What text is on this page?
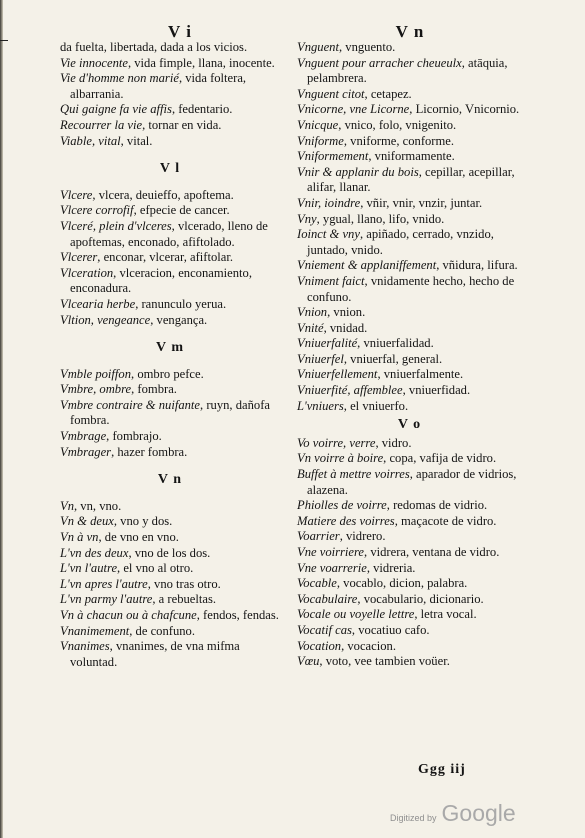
V i	V n

da fuelta, libertada, dada a los vicios.

Vie innocente, vida fimple, llana, inocente.

Vie d'homme non marié, vida foltera, albarrania.

Qui gaigne fa vie affis, fedentario.

Recourrer la vie, tornar en vida.

Viable, vital, vital.

V l

Vlcere, vlcera, deuieffo, apoftema.

Vlcere corrofif, efpecie de cancer.

Vlceré, plein d'vlceres, vlcerado, lleno de apoftemas, enconado, afiftolado.

Vlcerer, enconar, vlcerar, afiftolar.

Vlceration, vlceracion, enconamiento, enconadura.

Vlcearia herbe, ranunculo yerua.

Vltion, vengeance, vengança.

V m

Vmble poiffon, ombro pefce.

Vmbre, ombre, fombra.

Vmbre contraire & nuifante, ruyn, dañofa fombra.

Vmbrage, fombrajo.

Vmbrager, hazer fombra.

V n

Vn, vn, vno.

Vn & deux, vno y dos.

Vn à vn, de vno en vno.

L'vn des deux, vno de los dos.

L'vn l'autre, el vno al otro.

L'vn apres l'autre, vno tras otro.

L'vn parmy l'autre, a rebueltas.

Vn à chacun ou à chafcune, fendos, fendas.

Vnanimement, de confuno.

Vnanimes, vnanimes, de vna mifma voluntad.

Vnguent, vnguento.

Vnguent pour arracher cheueulx, atāquia, pelambrera.

Vnguent citot, cetapez.

Vnicorne, vne Licorne, Licornio, Vnicornio.

Vnicque, vnico, folo, vnigenito.

Vniforme, vniforme, conforme.

Vniformement, vniformamente.

Vnir & applanir du bois, cepillar, acepillar, alifar, llanar.

Vnir, ioindre, vñir, vnir, vnzir, juntar.

Vny, ygual, llano, lifo, vnido.

Ioinct & vny, apiñado, cerrado, vnzido, juntado, vnido.

Vniement & applaniffement, vñidura, lifura.

Vniment faict, vnidamente hecho, hecho de confuno.

Vnion, vnion.

Vnité, vnidad.

Vniuerfalité, vniuerfalidad.

Vniuerfel, vniuerfal, general.

Vniuerfellement, vniuerfalmente.

Vniuerfité, affemblee, vniuerfidad.

L'vniuers, el vniuerfo.

V o

Vo voirre, verre, vidro.

Vn voirre à boire, copa, vafija de vidro.

Buffet à mettre voirres, aparador de vidrios, alazena.

Phiolles de voirre, redomas de vidrio.

Matiere des voirres, maçacote de vidro.

Voarrier, vidrero.

Vne voirriere, vidrera, ventana de vidro.

Vne voarrerie, vidreria.

Vocable, vocablo, dicion, palabra.

Vocabulaire, vocabulario, dicionario.

Vocale ou voyelle lettre, letra vocal.

Vocatif cas, vocatiuo cafo.

Vocation, vocacion.

Vœu, voto, vee tambien voüer.

Ggg iij
Digitized by Google
